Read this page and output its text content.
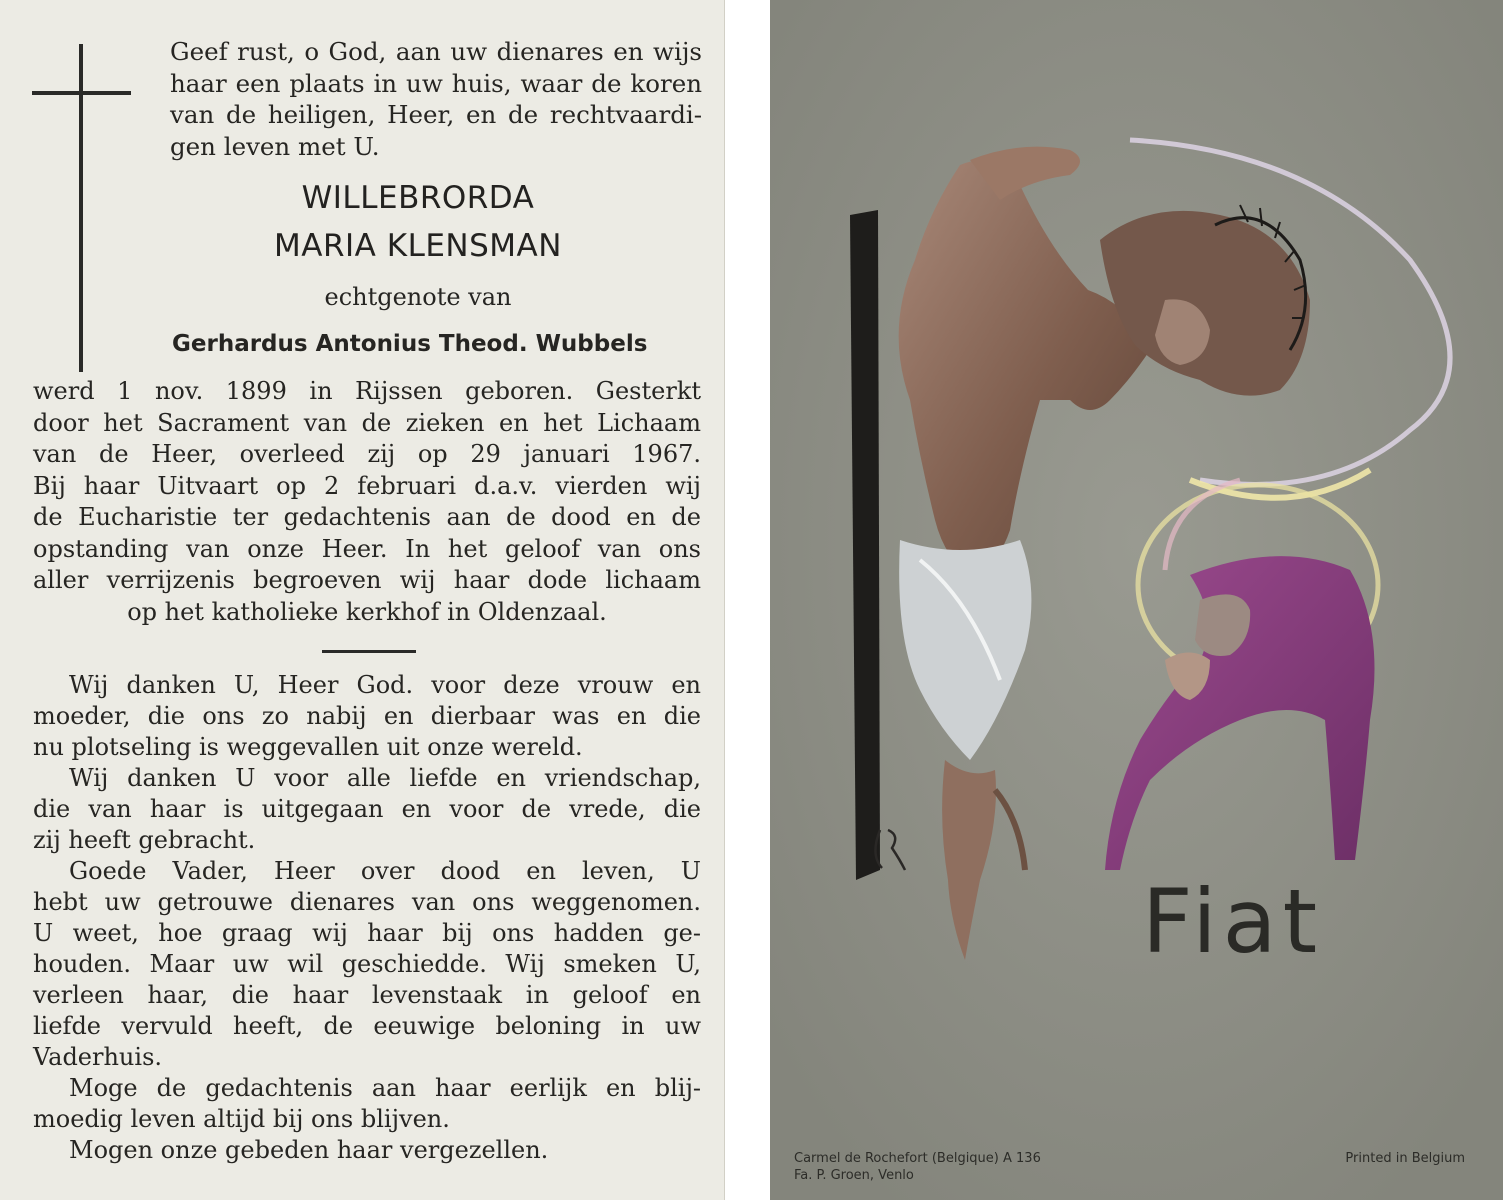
Geef rust, o God, aan uw dienares en wijs
haar een plaats in uw huis, waar de koren
van de heiligen, Heer, en de rechtvaardi-
gen leven met U.
WILLEBRORDA
MARIA KLENSMAN
echtgenote van
Gerhardus Antonius Theod. Wubbels
werd 1 nov. 1899 in Rijssen geboren. Gesterkt
door het Sacrament van de zieken en het Lichaam
van de Heer, overleed zij op 29 januari 1967.
Bij haar Uitvaart op 2 februari d.a.v. vierden wij
de Eucharistie ter gedachtenis aan de dood en de
opstanding van onze Heer. In het geloof van ons
aller verrijzenis begroeven wij haar dode lichaam
op het katholieke kerkhof in Oldenzaal.
Wij danken U, Heer God. voor deze vrouw en
moeder, die ons zo nabij en dierbaar was en die
nu plotseling is weggevallen uit onze wereld.
Wij danken U voor alle liefde en vriendschap,
die van haar is uitgegaan en voor de vrede, die
zij heeft gebracht.
Goede Vader, Heer over dood en leven, U
hebt uw getrouwe dienares van ons weggenomen.
U weet, hoe graag wij haar bij ons hadden ge-
houden. Maar uw wil geschiedde. Wij smeken U,
verleen haar, die haar levenstaak in geloof en
liefde vervuld heeft, de eeuwige beloning in uw
Vaderhuis.
Moge de gedachtenis aan haar eerlijk en blij-
moedig leven altijd bij ons blijven.
Mogen onze gebeden haar vergezellen.
Fiat
Carmel de Rochefort (Belgique) A 136
Fa. P. Groen, Venlo
Printed in Belgium
